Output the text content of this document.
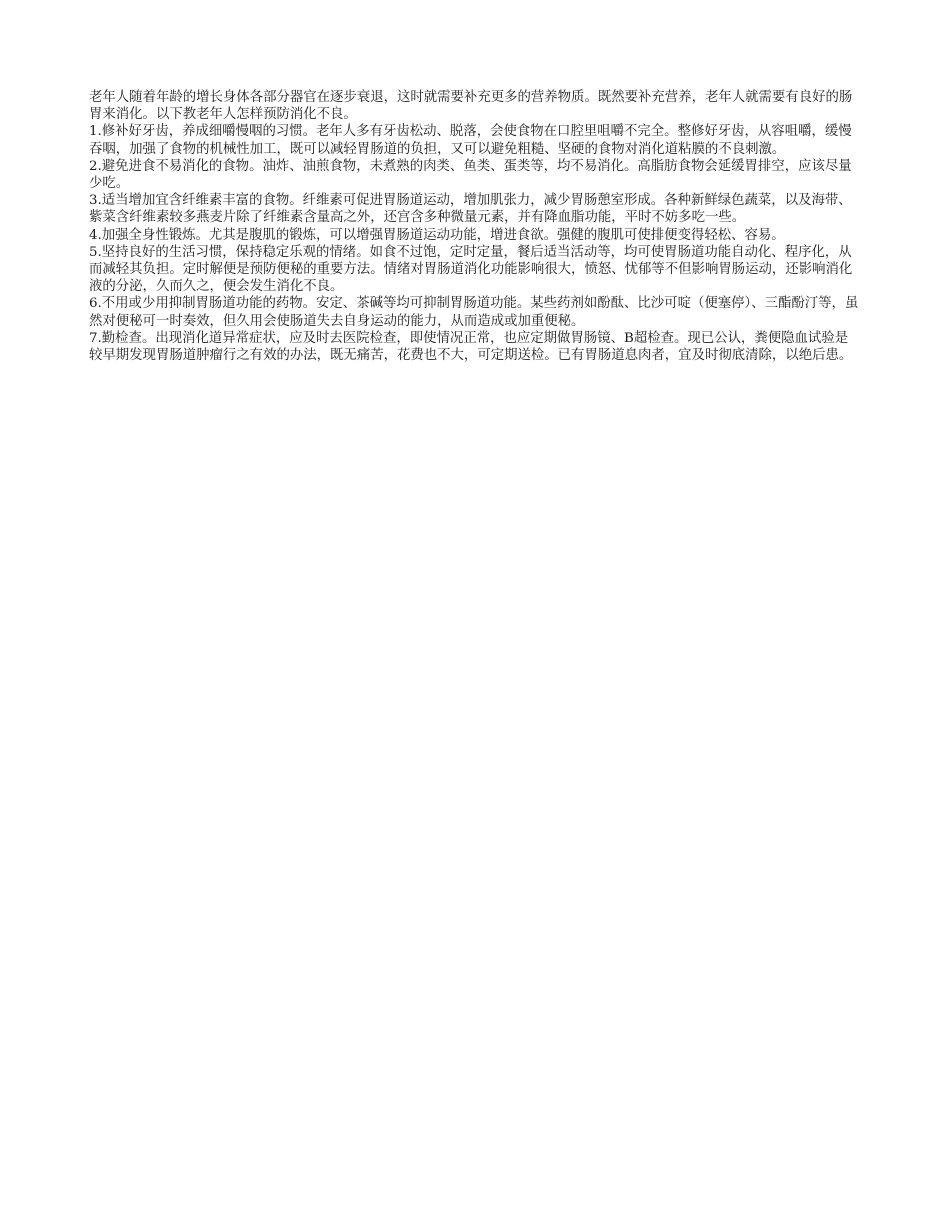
老年人随着年龄的增长身体各部分器官在逐步衰退，这时就需要补充更多的营养物质。既然要补充营养，老年人就需要有良好的肠胃来消化。以下教老年人怎样预防消化不良。

1.修补好牙齿，养成细嚼慢咽的习惯。老年人多有牙齿松动、脱落，会使食物在口腔里咀嚼不完全。整修好牙齿，从容咀嚼，缓慢吞咽，加强了食物的机械性加工，既可以减轻胃肠道的负担，又可以避免粗糙、坚硬的食物对消化道粘膜的不良刺激。

2.避免进食不易消化的食物。油炸、油煎食物，未煮熟的肉类、鱼类、蛋类等，均不易消化。高脂肪食物会延缓胃排空，应该尽量少吃。

3.适当增加宜含纤维素丰富的食物。纤维素可促进胃肠道运动，增加肌张力，减少胃肠憩室形成。各种新鲜绿色蔬菜，以及海带、紫菜含纤维素较多燕麦片除了纤维素含量高之外，还宫含多种微量元素，并有降血脂功能，平时不妨多吃一些。

4.加强全身性锻炼。尤其是腹肌的锻炼，可以增强胃肠道运动功能，增进食欲。强健的腹肌可使排便变得轻松、容易。

5.坚持良好的生活习惯，保持稳定乐观的情绪。如食不过饱，定时定量，餐后适当活动等，均可使胃肠道功能自动化、程序化，从而减轻其负担。定时解便是预防便秘的重要方法。情绪对胃肠道消化功能影响很大，愤怒、忧郁等不但影响胃肠运动，还影响消化液的分泌，久而久之，便会发生消化不良。

6.不用或少用抑制胃肠道功能的药物。安定、茶碱等均可抑制胃肠道功能。某些药剂如酚酞、比沙可啶（便塞停）、三酯酚汀等，虽然对便秘可一时奏效，但久用会使肠道失去自身运动的能力，从而造成或加重便秘。

7.勤检查。出现消化道异常症状，应及时去医院检查，即使情况正常，也应定期做胃肠镜、B超检查。现已公认，粪便隐血试验是较早期发现胃肠道肿瘤行之有效的办法，既无痛苦，花费也不大，可定期送检。已有胃肠道息肉者，宜及时彻底清除，以绝后患。
